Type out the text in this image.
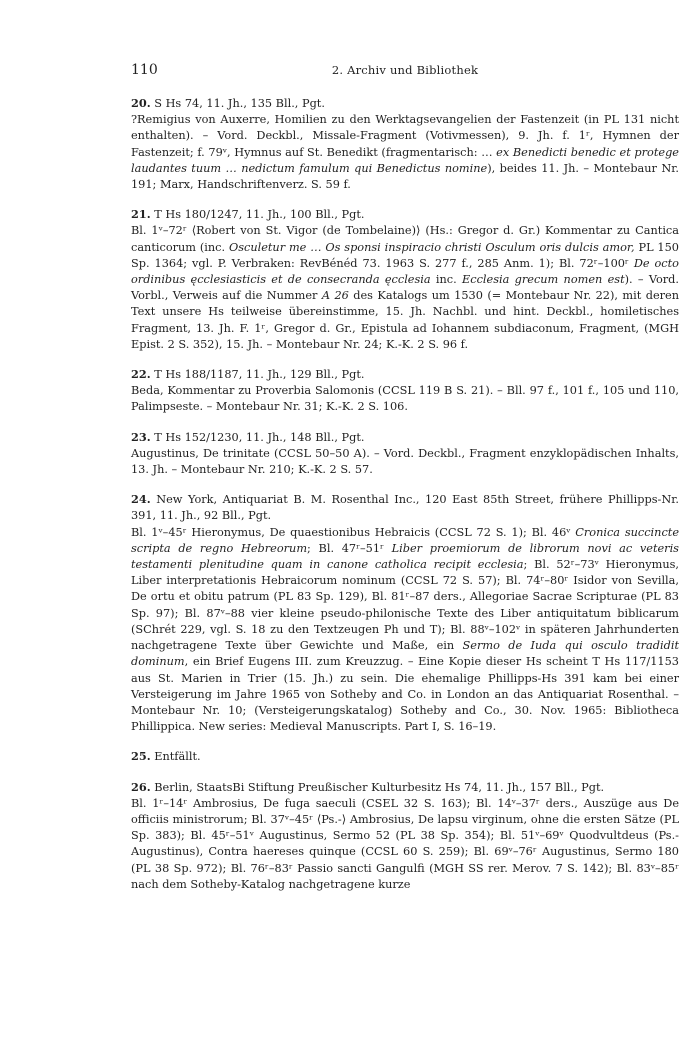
110	2. Archiv und Bibliothek

20. S Hs 74, 11. Jh., 135 Bll., Pgt.

?Remigius von Auxerre, Homilien zu den Werktagsevangelien der Fastenzeit (in PL 131 nicht enthalten). – Vord. Deckbl., Missale-Fragment (Votivmessen), 9. Jh. f. 1ʳ, Hymnen der Fastenzeit; f. 79ᵛ, Hymnus auf St. Benedikt (fragmentarisch: … ex Benedicti benedic et protege laudantes tuum … nedictum famulum qui Benedictus nomine), beides 11. Jh. – Montebaur Nr. 191; Marx, Handschriftenverz. S. 59 f.

21. T Hs 180/1247, 11. Jh., 100 Bll., Pgt.

Bl. 1ᵛ–72ʳ ⟨Robert von St. Vigor (de Tombelaine)⟩ (Hs.: Gregor d. Gr.) Kommentar zu Cantica canticorum (inc. Osculetur me … Os sponsi inspiracio christi Osculum oris dulcis amor, PL 150 Sp. 1364; vgl. P. Verbraken: RevBénéd 73. 1963 S. 277 f., 285 Anm. 1); Bl. 72ʳ–100ʳ De octo ordinibus ęcclesiasticis et de consecranda ęcclesia inc. Ecclesia grecum nomen est). – Vord. Vorbl., Verweis auf die Nummer A 26 des Katalogs um 1530 (= Montebaur Nr. 22), mit deren Text unsere Hs teilweise übereinstimme, 15. Jh. Nachbl. und hint. Deckbl., homiletisches Fragment, 13. Jh. F. 1ʳ, Gregor d. Gr., Epistula ad Iohannem subdiaconum, Fragment, (MGH Epist. 2 S. 352), 15. Jh. – Montebaur Nr. 24; K.-K. 2 S. 96 f.

22. T Hs 188/1187, 11. Jh., 129 Bll., Pgt.

Beda, Kommentar zu Proverbia Salomonis (CCSL 119 B S. 21). – Bll. 97 f., 101 f., 105 und 110, Palimpseste. – Montebaur Nr. 31; K.-K. 2 S. 106.

23. T Hs 152/1230, 11. Jh., 148 Bll., Pgt.

Augustinus, De trinitate (CCSL 50–50 A). – Vord. Deckbl., Fragment enzyklopädischen Inhalts, 13. Jh. – Montebaur Nr. 210; K.-K. 2 S. 57.

24. New York, Antiquariat B. M. Rosenthal Inc., 120 East 85th Street, frühere Phillipps-Nr. 391, 11. Jh., 92 Bll., Pgt.

Bl. 1ᵛ–45ʳ Hieronymus, De quaestionibus Hebraicis (CCSL 72 S. 1); Bl. 46ᵛ Cronica succincte scripta de regno Hebreorum; Bl. 47ʳ–51ʳ Liber proemiorum de librorum novi ac veteris testamenti plenitudine quam in canone catholica recipit ecclesia; Bl. 52ʳ–73ᵛ Hieronymus, Liber interpretationis Hebraicorum nominum (CCSL 72 S. 57); Bl. 74ʳ–80ʳ Isidor von Sevilla, De ortu et obitu patrum (PL 83 Sp. 129), Bl. 81ʳ–87 ders., Allegoriae Sacrae Scripturae (PL 83 Sp. 97); Bl. 87ᵛ–88 vier kleine pseudo-philonische Texte des Liber antiquitatum biblicarum (SChrét 229, vgl. S. 18 zu den Textzeugen Ph und T); Bl. 88ᵛ–102ᵛ in späteren Jahrhunderten nachgetragene Texte über Gewichte und Maße, ein Sermo de Iuda qui osculo tradidit dominum, ein Brief Eugens III. zum Kreuzzug. – Eine Kopie dieser Hs scheint T Hs 117/1153 aus St. Marien in Trier (15. Jh.) zu sein. Die ehemalige Phillipps-Hs 391 kam bei einer Versteigerung im Jahre 1965 von Sotheby and Co. in London an das Antiquariat Rosenthal. – Montebaur Nr. 10; (Versteigerungskatalog) Sotheby and Co., 30. Nov. 1965: Bibliotheca Phillippica. New series: Medieval Manuscripts. Part I, S. 16–19.

25. Entfällt.

26. Berlin, StaatsBi Stiftung Preußischer Kulturbesitz Hs 74, 11. Jh., 157 Bll., Pgt.

Bl. 1ʳ–14ʳ Ambrosius, De fuga saeculi (CSEL 32 S. 163); Bl. 14ᵛ–37ʳ ders., Auszüge aus De officiis ministrorum; Bl. 37ᵛ–45ʳ ⟨Ps.-⟩ Ambrosius, De lapsu virginum, ohne die ersten Sätze (PL Sp. 383); Bl. 45ʳ–51ᵛ Augustinus, Sermo 52 (PL 38 Sp. 354); Bl. 51ᵛ–69ᵛ Quodvultdeus (Ps.-Augustinus), Contra haereses quinque (CCSL 60 S. 259); Bl. 69ᵛ–76ʳ Augustinus, Sermo 180 (PL 38 Sp. 972); Bl. 76ʳ–83ʳ Passio sancti Gangulfi (MGH SS rer. Merov. 7 S. 142); Bl. 83ᵛ–85ʳ nach dem Sotheby-Katalog nachgetragene kurze
